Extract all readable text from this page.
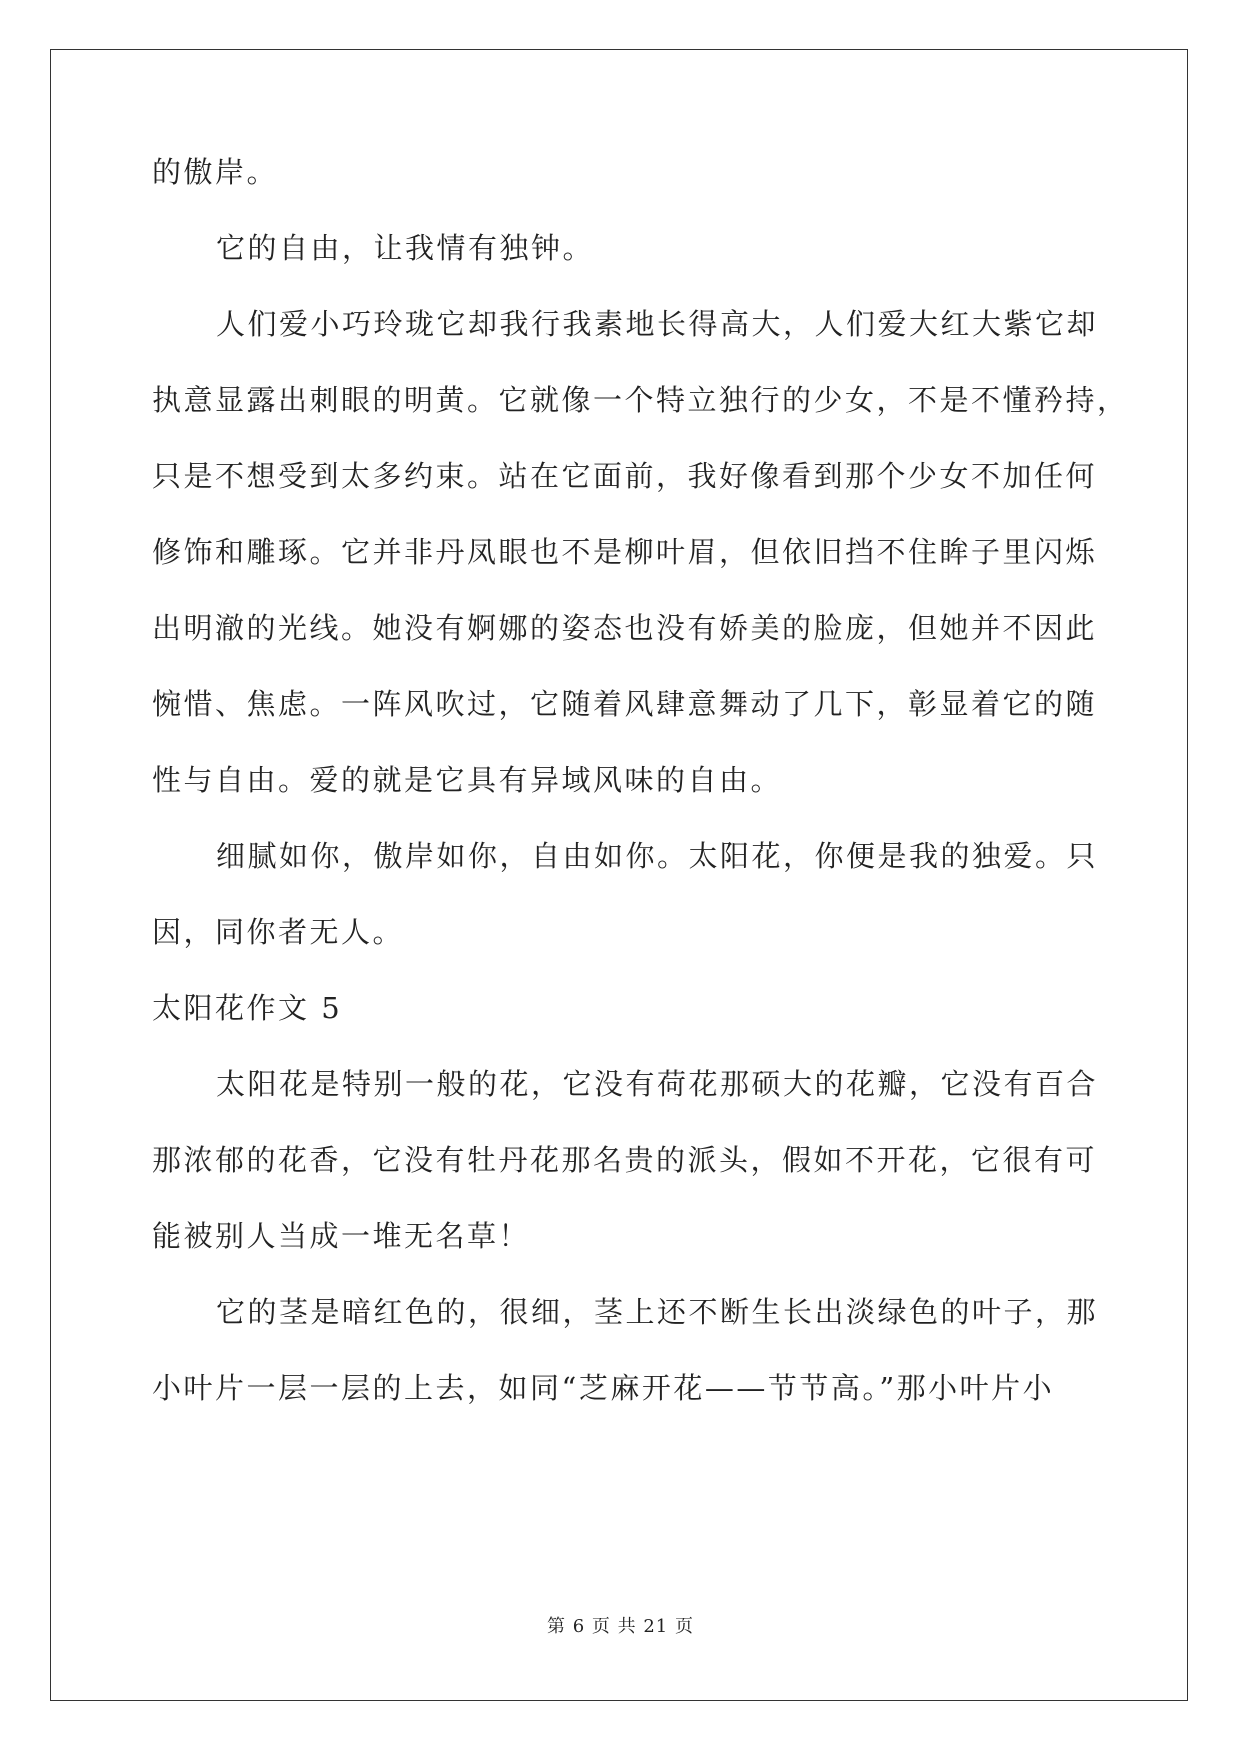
的傲岸。
它的自由，让我情有独钟。
人们爱小巧玲珑它却我行我素地长得高大，人们爱大红大紫它却
执意显露出刺眼的明黄。它就像一个特立独行的少女，不是不懂矜持，
只是不想受到太多约束。站在它面前，我好像看到那个少女不加任何
修饰和雕琢。它并非丹凤眼也不是柳叶眉，但依旧挡不住眸子里闪烁
出明澈的光线。她没有婀娜的姿态也没有娇美的脸庞，但她并不因此
惋惜、焦虑。一阵风吹过，它随着风肆意舞动了几下，彰显着它的随
性与自由。爱的就是它具有异域风味的自由。
细腻如你，傲岸如你，自由如你。太阳花，你便是我的独爱。只
因，同你者无人。
太阳花作文 5
太阳花是特别一般的花，它没有荷花那硕大的花瓣，它没有百合
那浓郁的花香，它没有牡丹花那名贵的派头，假如不开花，它很有可
能被别人当成一堆无名草！
它的茎是暗红色的，很细，茎上还不断生长出淡绿色的叶子，那
小叶片一层一层的上去，如同“芝麻开花——节节高。”那小叶片小
第 6 页 共 21 页
